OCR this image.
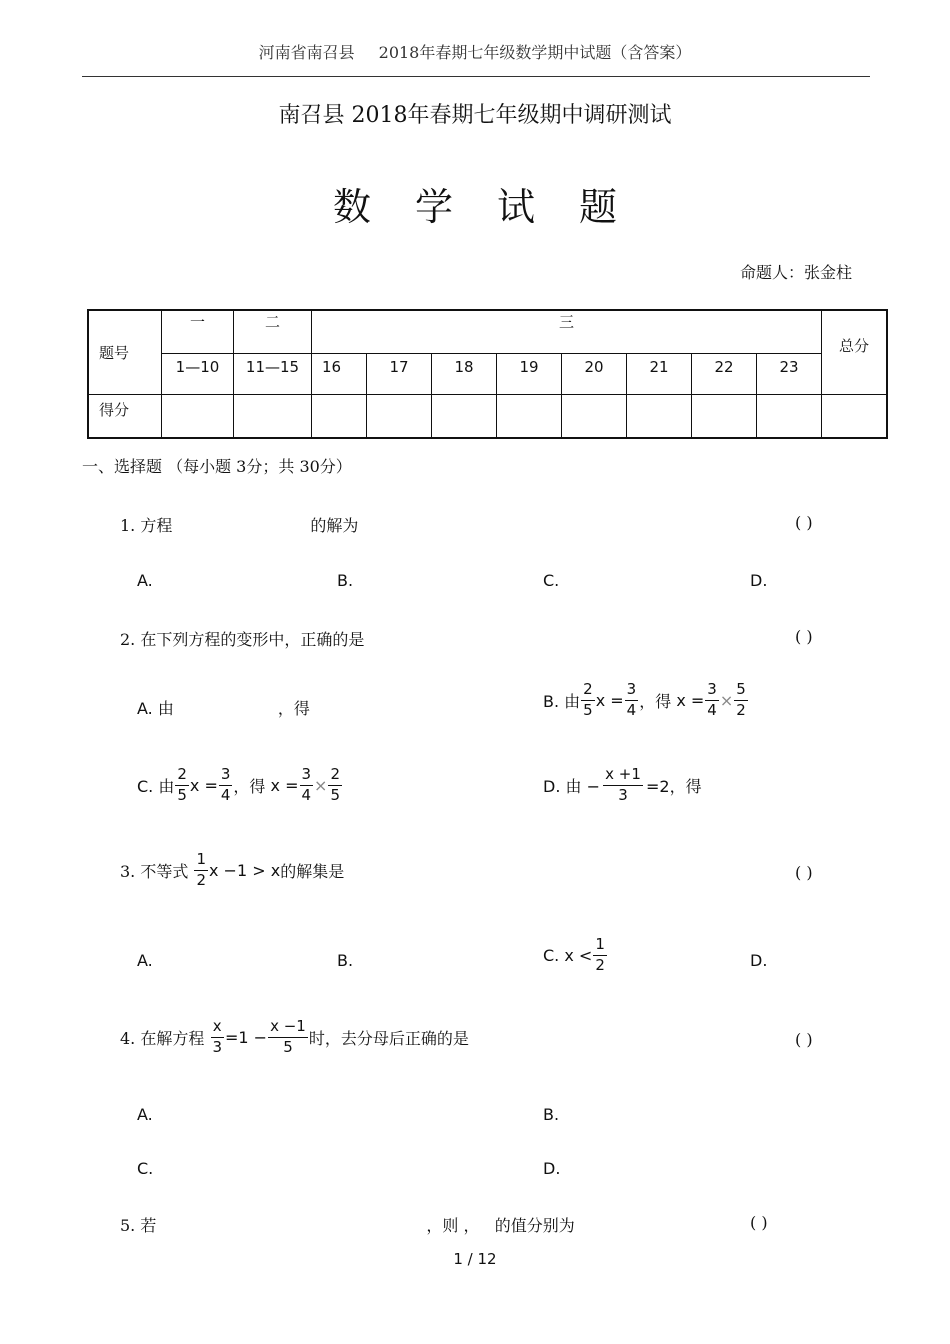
河南省南召县 2018年春期七年级数学期中试题（含答案）
南召县 2018年春期七年级期中调研测试
数学试题
命题人：张金柱
题号	一	二	三								总分
	1—10	11—15	16	17	18	19	20	21	22	23	
得分											
一、选择题 （每小题 3分；共 30分）
1. 方程	的解为	( )
A.	B.	C.	D.
2. 在下列方程的变形中，正确的是	( )
A. 由	，得	B. 由 $\frac{2}{5}$ $x = \frac{3}{4}$ ，得
$x = \frac{3}{4} \times \frac{5}{2}$
C. 由 $\frac{2}{5}$ $x = \frac{3}{4}$ ，得
$x = \frac{3}{4} \times \frac{2}{5}$	D. 由 − $\frac{x +1}{3} =2$，得
3. 不等式
$\frac{1}{2}$ x −1 > x 的解集是	( )
A.	B.	C. $x < \frac{1}{2}$	D.
4. 在解方程
$\frac{x}{3} =1 - \frac{x -1}{5}$ 时，去分母后正确的是	( )
A.	B.
C.	D.
5. 若	，则 ， 的值分别为	( )
1 / 12
